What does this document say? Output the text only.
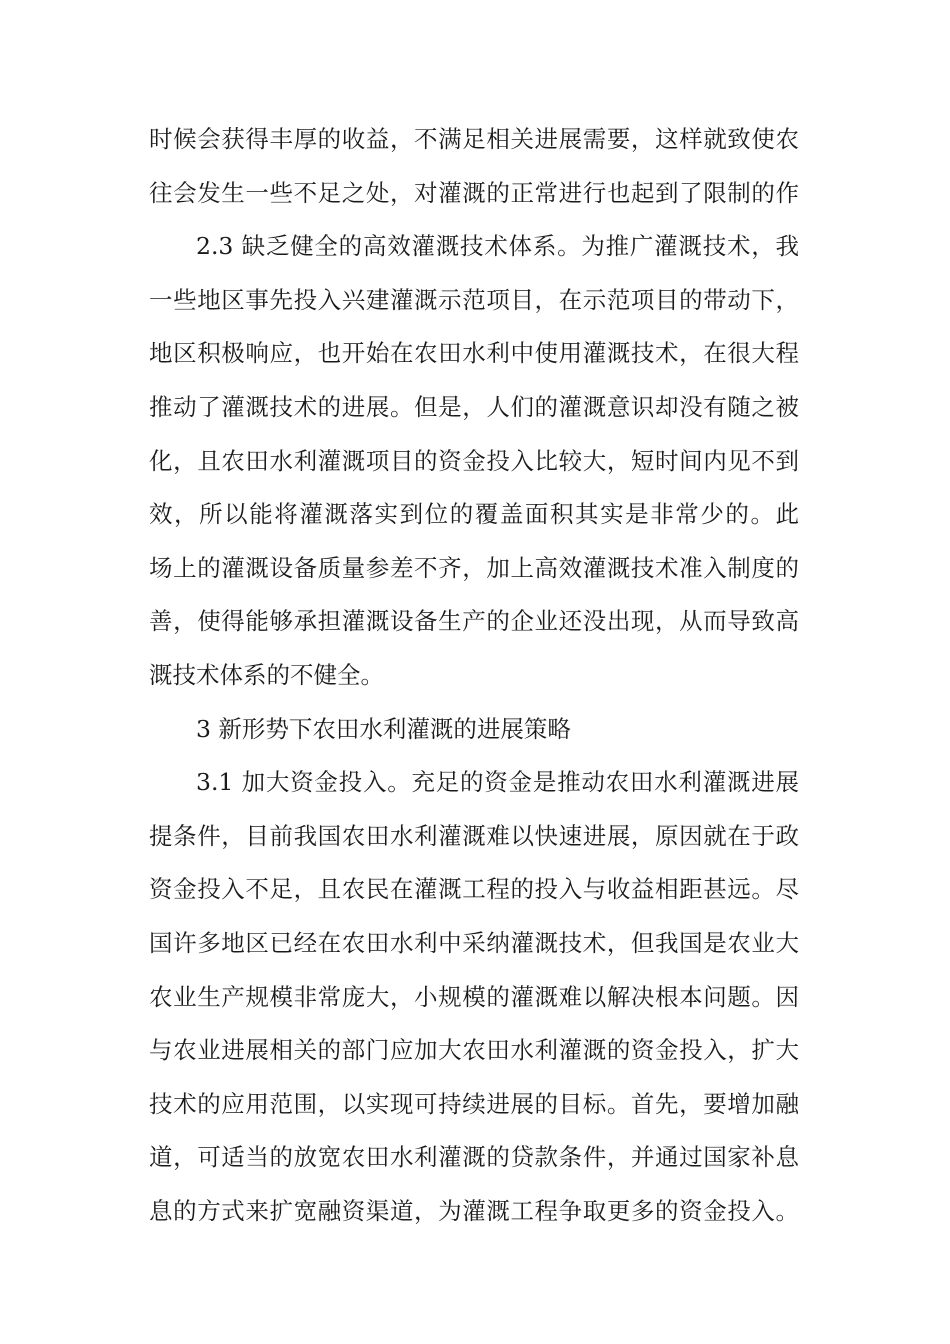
时候会获得丰厚的收益，不满足相关进展需要，这样就致使农
往会发生一些不足之处，对灌溉的正常进行也起到了限制的作
2.3 缺乏健全的高效灌溉技术体系。为推广灌溉技术，我
一些地区事先投入兴建灌溉示范项目，在示范项目的带动下，
地区积极响应，也开始在农田水利中使用灌溉技术，在很大程
推动了灌溉技术的进展。但是，人们的灌溉意识却没有随之被
化，且农田水利灌溉项目的资金投入比较大，短时间内见不到
效，所以能将灌溉落实到位的覆盖面积其实是非常少的。此
场上的灌溉设备质量参差不齐，加上高效灌溉技术准入制度的
善，使得能够承担灌溉设备生产的企业还没出现，从而导致高
溉技术体系的不健全。
3 新形势下农田水利灌溉的进展策略
3.1 加大资金投入。充足的资金是推动农田水利灌溉进展
提条件，目前我国农田水利灌溉难以快速进展，原因就在于政
资金投入不足，且农民在灌溉工程的投入与收益相距甚远。尽
国许多地区已经在农田水利中采纳灌溉技术，但我国是农业大
农业生产规模非常庞大，小规模的灌溉难以解决根本问题。因
与农业进展相关的部门应加大农田水利灌溉的资金投入，扩大
技术的应用范围，以实现可持续进展的目标。首先，要增加融
道，可适当的放宽农田水利灌溉的贷款条件，并通过国家补息
息的方式来扩宽融资渠道，为灌溉工程争取更多的资金投入。
